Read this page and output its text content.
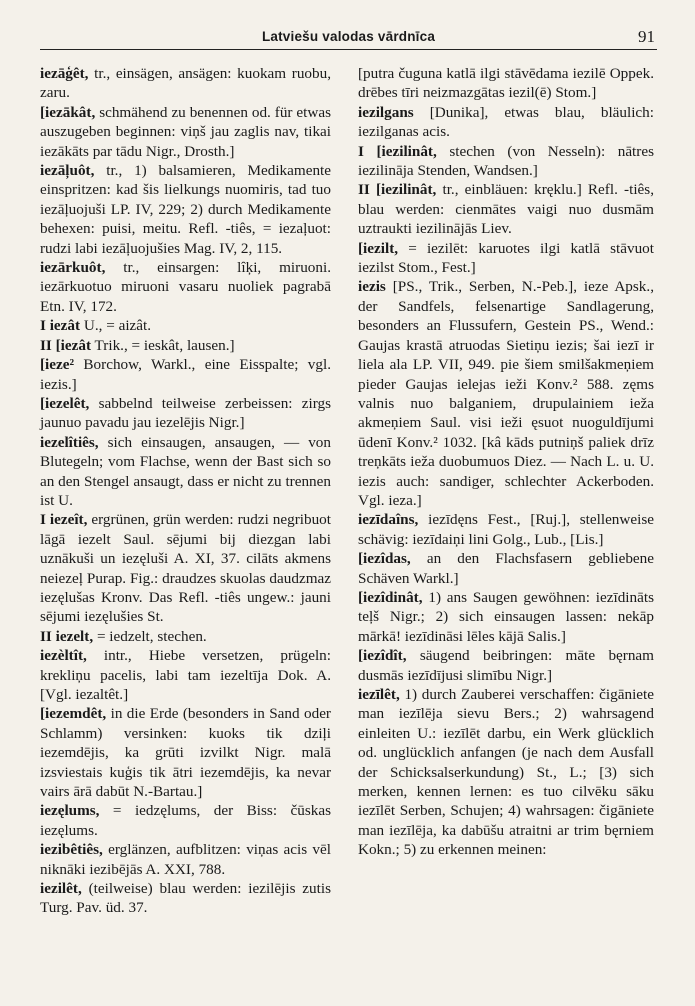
Latviešu valodas vārdnīca	91

iezāģêt, tr., einsägen, ansägen: kuokam ruobu, zaru.

[iezākât, schmähend zu benennen od. für etwas auszugeben beginnen: viņš jau zaglis nav, tikai iezākāts par tādu Nigr., Drosth.]

iezāļuôt, tr., 1) balsamieren, Medikamente einspritzen: kad šis lielkungs nuomiris, tad tuo iezāļuojuši LP. IV, 229; 2) durch Medikamente behexen: puisi, meitu. Refl. -tiês, = iezaļuot: rudzi labi iezāļuojušies Mag. IV, 2, 115.

iezārkuôt, tr., einsargen: lîķi, miruoni. iezārkuotuo miruoni vasaru nuoliek pagrabā Etn. IV, 172.

I iezât U., = aizât.

II [iezât Trik., = ieskât, lausen.]

[ieze² Borchow, Warkl., eine Eisspalte; vgl. iezis.]

[iezelêt, sabbelnd teilweise zerbeissen: zirgs jaunuo pavadu jau iezelējis Nigr.]

iezelîtiês, sich einsaugen, ansaugen, — von Blutegeln; vom Flachse, wenn der Bast sich so an den Stengel ansaugt, dass er nicht zu trennen ist U.

I iezeît, ergrünen, grün werden: rudzi negribuot lāgā iezelt Saul. sējumi bij diezgan labi uznākuši un iezęluši A. XI, 37. cilāts akmens neiezeļ Purap. Fig.: draudzes skuolas daudzmaz iezęlušas Kronv. Das Refl. -tiês ungew.: jauni sējumi iezęlušies St.

II iezelt, = iedzelt, stechen.

iezèltît, intr., Hiebe versetzen, prügeln: krekliņu pacelis, labi tam iezeltīja Dok. A. [Vgl. iezaltêt.]

[iezemdêt, in die Erde (besonders in Sand oder Schlamm) versinken: kuoks tik dziļi iezemdējis, ka grūti izvilkt Nigr. malā izsviestais kuģis tik ātri iezemdējis, ka nevar vairs ārā dabūt N.-Bartau.]

iezęlums, = iedzęlums, der Biss: čūskas iezęlums.

iezibêtiês, erglänzen, aufblitzen: viņas acis vēl niknāki iezibējās A. XXI, 788.

iezilêt, (teilweise) blau werden: iezilējis zutis Turg. Pav. üd. 37.

[putra čuguna katlā ilgi stāvēdama iezilē Oppek. drēbes tīri neizmazgātas iezil(ē) Stom.]

iezilgans [Dunika], etwas blau, bläulich: iezilganas acis.

I [iezilinât, stechen (von Nesseln): nātres iezilināja Stenden, Wandsen.]

II [iezilinât, tr., einbläuen: kręklu.] Refl. -tiês, blau werden: cienmātes vaigi nuo dusmām uztraukti iezilinājās Liev.

[iezilt, = iezilēt: karuotes ilgi katlā stāvuot iezilst Stom., Fest.]

iezis [PS., Trik., Serben, N.-Peb.], ieze Apsk., der Sandfels, felsenartige Sandlagerung, besonders an Flussufern, Gestein PS., Wend.: Gaujas krastā atruodas Sietiņu iezis; šai iezī ir liela ala LP. VII, 949. pie šiem smilšakmeņiem pieder Gaujas ielejas ieži Konv.² 588. zęms valnis nuo balganiem, drupulainiem ieža akmeņiem Saul. visi ieži ęsuot nuoguldījumi ūdenī Konv.² 1032. [kâ kāds putniņš paliek drīz treņkāts ieža duobumuos Diez. — Nach L. u. U. iezis auch: sandiger, schlechter Ackerboden. Vgl. ieza.]

iezīdaîns, iezīdęns Fest., [Ruj.], stellenweise schävig: iezīdaiņi lini Golg., Lub., [Lis.]

[iezîdas, an den Flachsfasern gebliebene Schäven Warkl.]

[iezîdinât, 1) ans Saugen gewöhnen: iezīdināts teļš Nigr.; 2) sich einsaugen lassen: nekāp mārkā! iezīdināsi lēles kājā Salis.]

[iezîdît, säugend beibringen: māte bęrnam dusmās iezīdījusi slimību Nigr.]

iezīlêt, 1) durch Zauberei verschaffen: čigāniete man iezīlēja sievu Bers.; 2) wahrsagend einleiten U.: iezīlēt darbu, ein Werk glücklich od. unglücklich anfangen (je nach dem Ausfall der Schicksalserkundung) St., L.; [3) sich merken, kennen lernen: es tuo cilvēku sāku iezīlēt Serben, Schujen; 4) wahrsagen: čigāniete man iezīlēja, ka dabūšu atraitni ar trim bęrniem Kokn.; 5) zu erkennen meinen:
